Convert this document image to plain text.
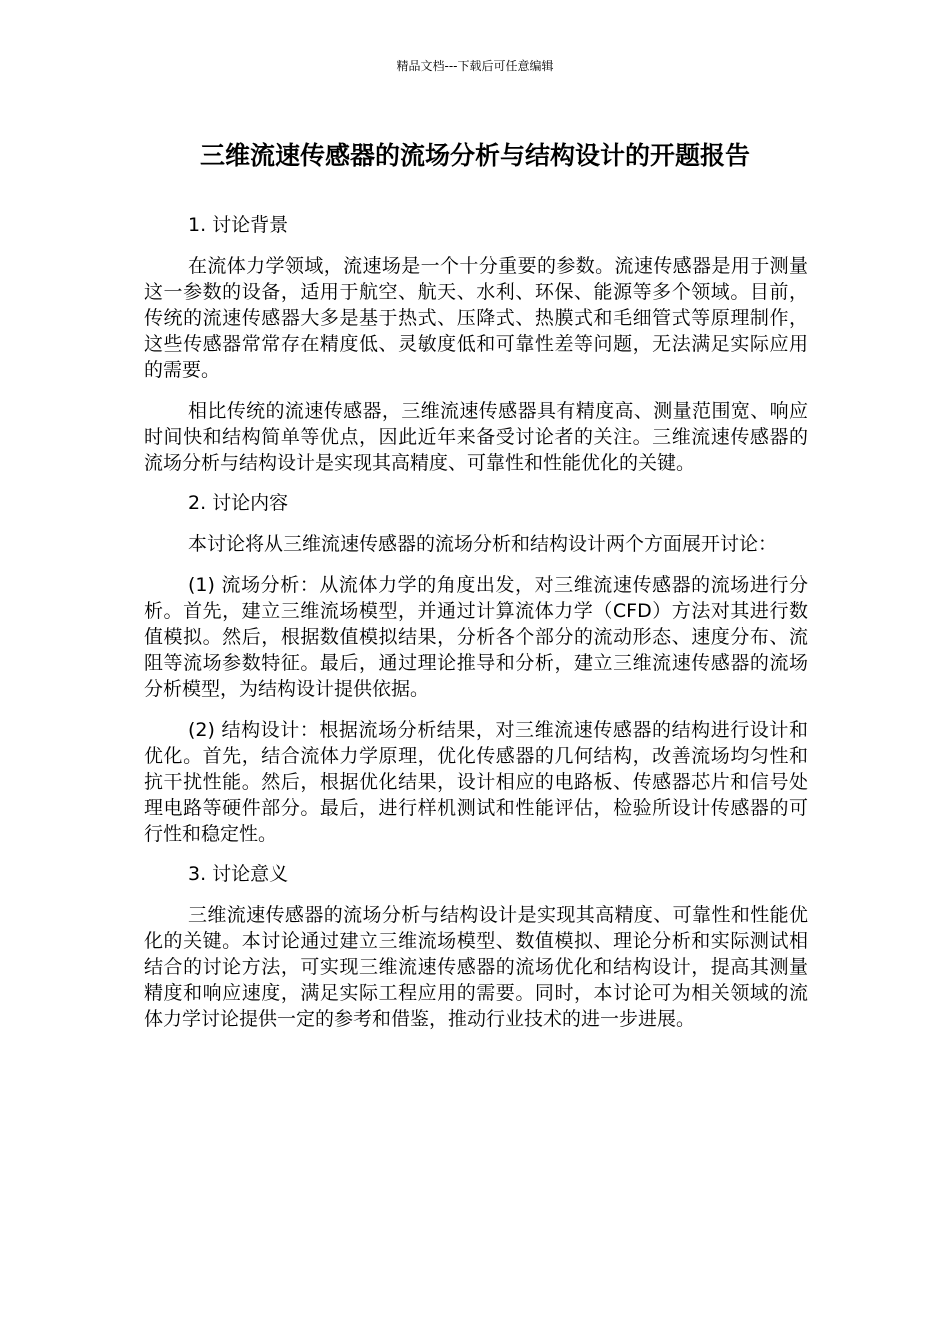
精品文档---下载后可任意编辑
三维流速传感器的流场分析与结构设计的开题报告

1. 讨论背景

在流体力学领域，流速场是一个十分重要的参数。流速传感器是用于测量这一参数的设备，适用于航空、航天、水利、环保、能源等多个领域。目前，传统的流速传感器大多是基于热式、压降式、热膜式和毛细管式等原理制作，这些传感器常常存在精度低、灵敏度低和可靠性差等问题，无法满足实际应用的需要。

相比传统的流速传感器，三维流速传感器具有精度高、测量范围宽、响应时间快和结构简单等优点，因此近年来备受讨论者的关注。三维流速传感器的流场分析与结构设计是实现其高精度、可靠性和性能优化的关键。

2. 讨论内容

本讨论将从三维流速传感器的流场分析和结构设计两个方面展开讨论：

(1) 流场分析：从流体力学的角度出发，对三维流速传感器的流场进行分析。首先，建立三维流场模型，并通过计算流体力学（CFD）方法对其进行数值模拟。然后，根据数值模拟结果，分析各个部分的流动形态、速度分布、流阻等流场参数特征。最后，通过理论推导和分析，建立三维流速传感器的流场分析模型，为结构设计提供依据。

(2) 结构设计：根据流场分析结果，对三维流速传感器的结构进行设计和优化。首先，结合流体力学原理，优化传感器的几何结构，改善流场均匀性和抗干扰性能。然后，根据优化结果，设计相应的电路板、传感器芯片和信号处理电路等硬件部分。最后，进行样机测试和性能评估，检验所设计传感器的可行性和稳定性。

3. 讨论意义

三维流速传感器的流场分析与结构设计是实现其高精度、可靠性和性能优化的关键。本讨论通过建立三维流场模型、数值模拟、理论分析和实际测试相结合的讨论方法，可实现三维流速传感器的流场优化和结构设计，提高其测量精度和响应速度，满足实际工程应用的需要。同时，本讨论可为相关领域的流体力学讨论提供一定的参考和借鉴，推动行业技术的进一步进展。
